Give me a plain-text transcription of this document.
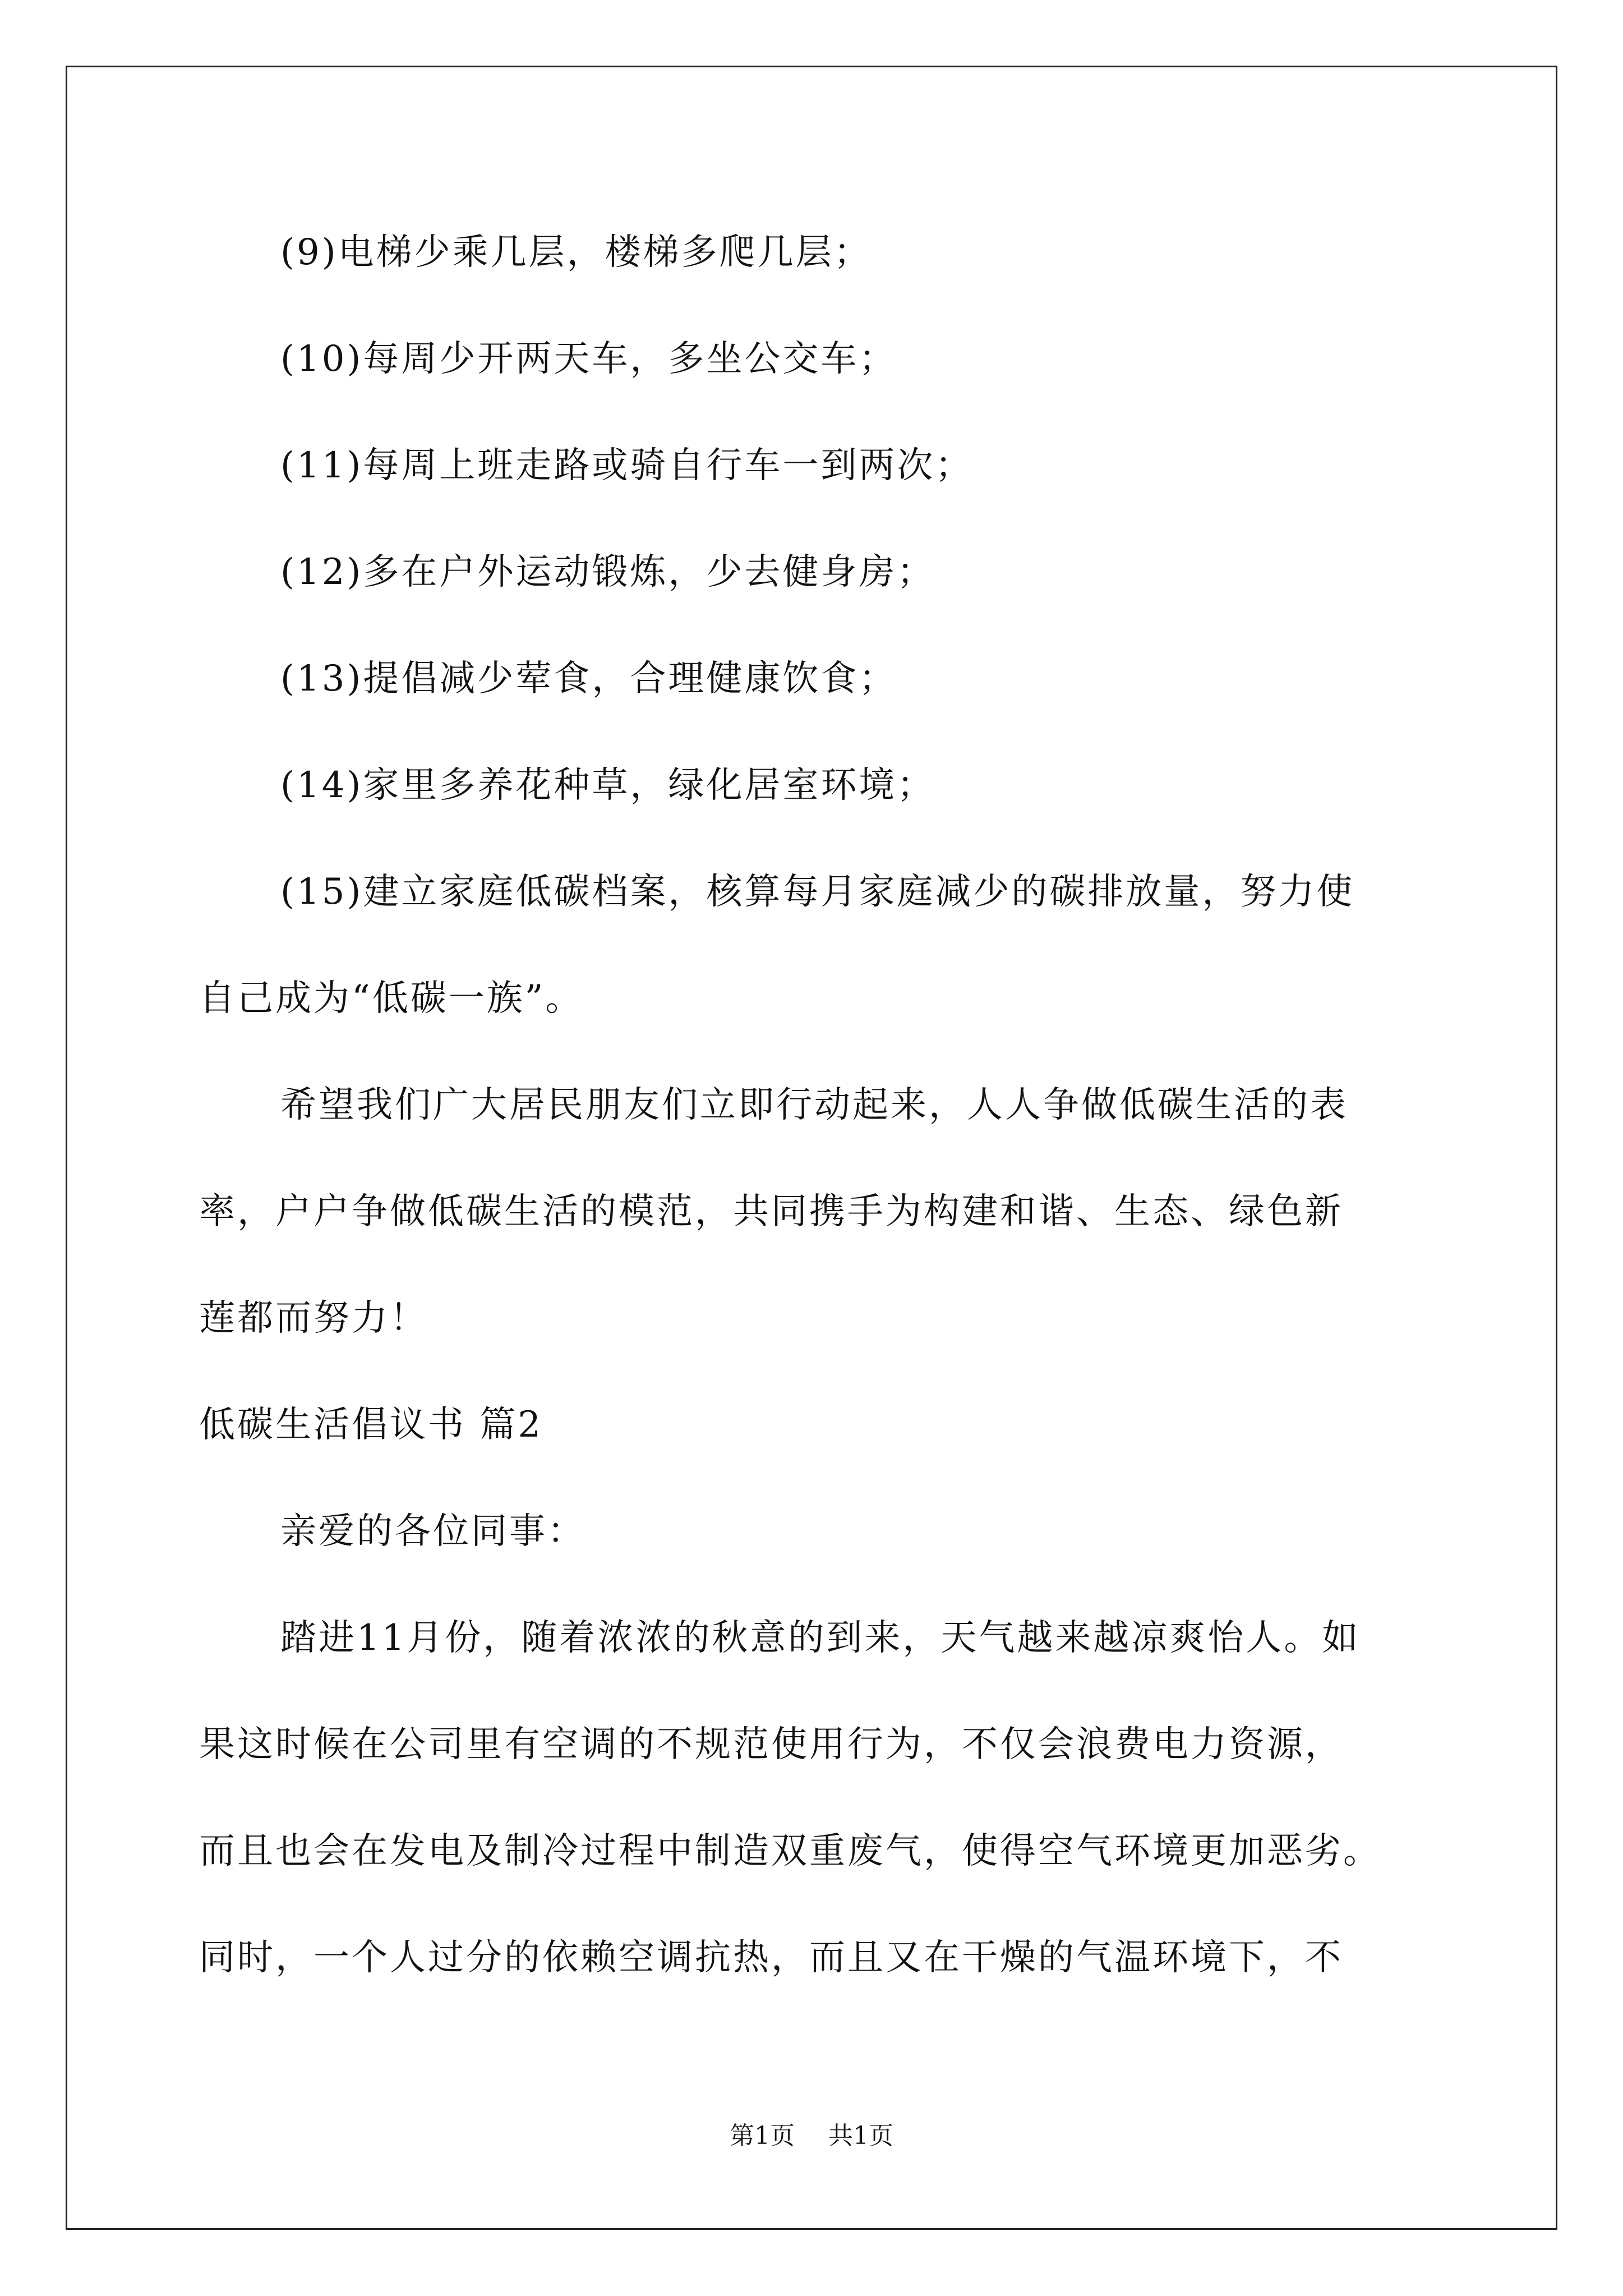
(9)电梯少乘几层，楼梯多爬几层；
(10)每周少开两天车，多坐公交车；
(11)每周上班走路或骑自行车一到两次；
(12)多在户外运动锻炼，少去健身房；
(13)提倡减少荤食，合理健康饮食；
(14)家里多养花种草，绿化居室环境；
(15)建立家庭低碳档案，核算每月家庭减少的碳排放量，努力使
自己成为“低碳一族”。
希望我们广大居民朋友们立即行动起来，人人争做低碳生活的表
率，户户争做低碳生活的模范，共同携手为构建和谐、生态、绿色新
莲都而努力！
低碳生活倡议书 篇2
亲爱的各位同事：
踏进11月份，随着浓浓的秋意的到来，天气越来越凉爽怡人。如
果这时候在公司里有空调的不规范使用行为，不仅会浪费电力资源，
而且也会在发电及制冷过程中制造双重废气，使得空气环境更加恶劣。
同时，一个人过分的依赖空调抗热，而且又在干燥的气温环境下，不
第1页 共1页
